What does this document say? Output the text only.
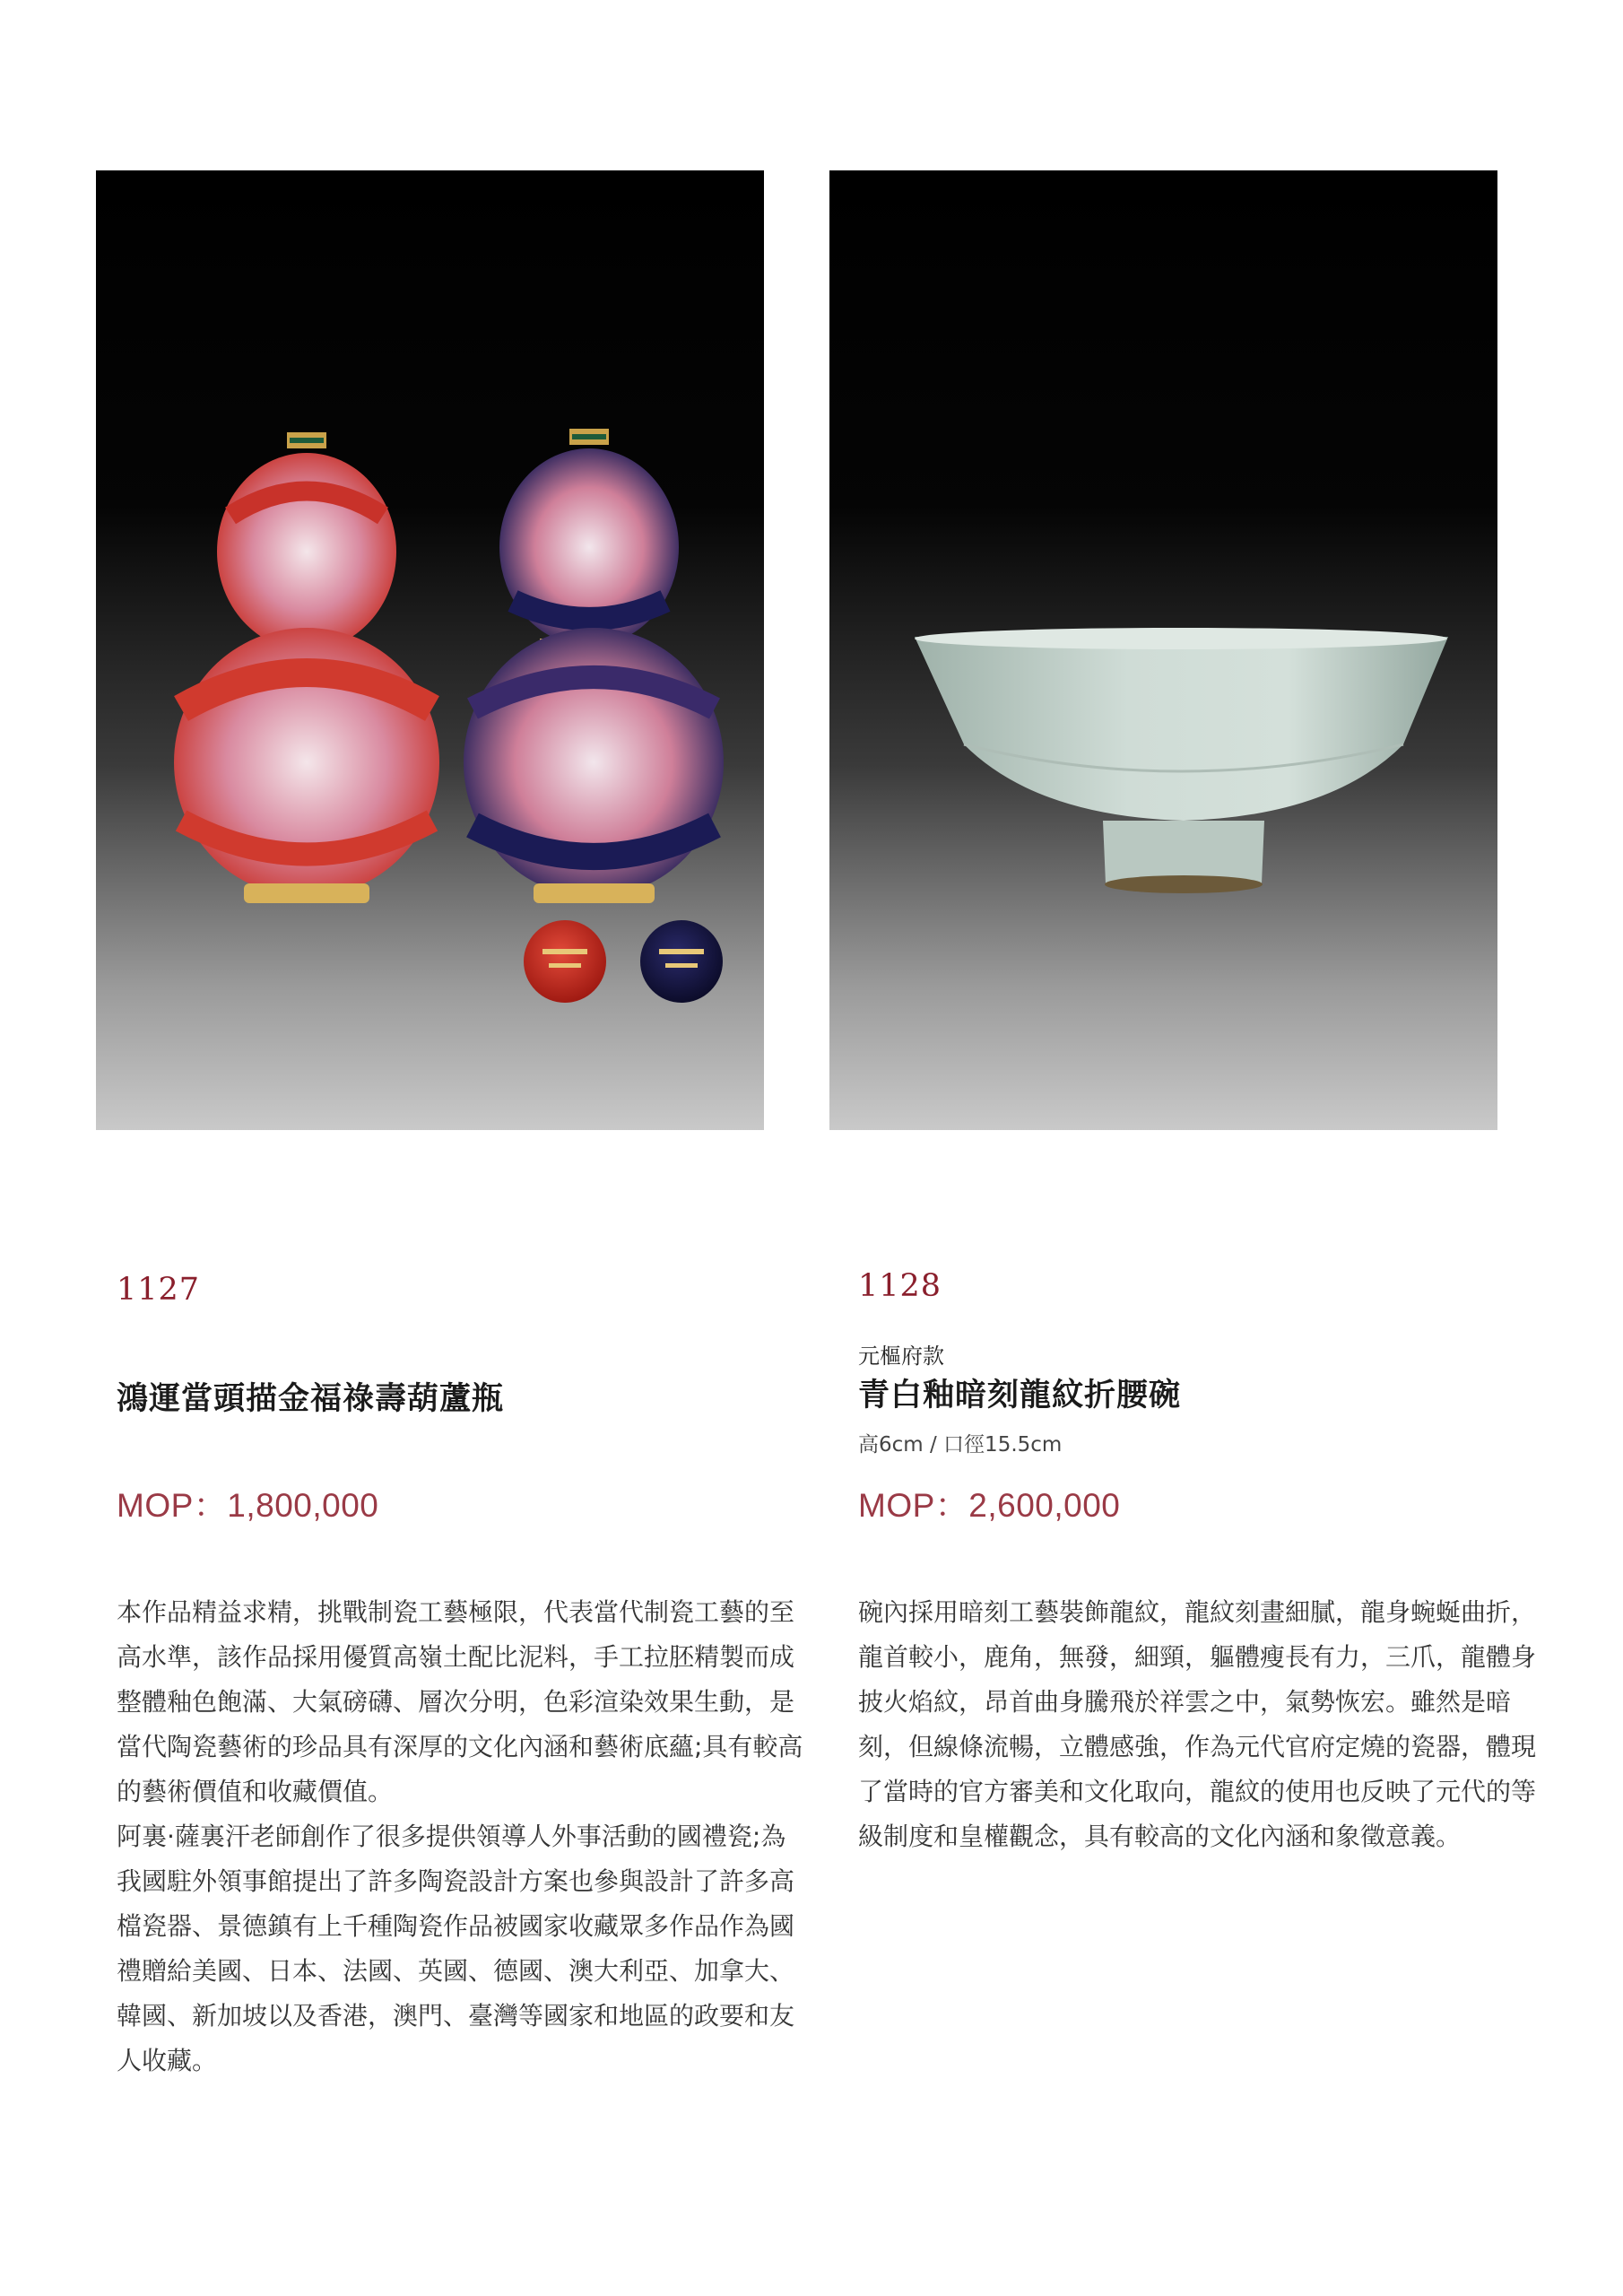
1127
鴻運當頭描金福祿壽葫蘆瓶
MOP：1,800,000

本作品精益求精，挑戰制瓷工藝極限，代表當代制瓷工藝的至高水準，該作品採用優質高嶺土配比泥料，手工拉胚精製而成整體釉色飽滿、大氣磅礴、層次分明，色彩渲染效果生動，是當代陶瓷藝術的珍品具有深厚的文化內涵和藝術底蘊;具有較高的藝術價值和收藏價值。

阿裏·薩裏汗老師創作了很多提供領導人外事活動的國禮瓷;為我國駐外領事館提出了許多陶瓷設計方案也參與設計了許多高檔瓷器、景德鎮有上千種陶瓷作品被國家收藏眾多作品作為國禮贈給美國、日本、法國、英國、德國、澳大利亞、加拿大、韓國、新加坡以及香港，澳門、臺灣等國家和地區的政要和友人收藏。

1128
元樞府款
青白釉暗刻龍紋折腰碗
高6cm / 口徑15.5cm
MOP：2,600,000

碗內採用暗刻工藝裝飾龍紋，龍紋刻畫細膩，龍身蜿蜒曲折，龍首較小，鹿角，無發，細頸，軀體瘦長有力，三爪，龍體身披火焰紋，昂首曲身騰飛於祥雲之中，氣勢恢宏。雖然是暗刻，但線條流暢，立體感強，作為元代官府定燒的瓷器，體現了當時的官方審美和文化取向，龍紋的使用也反映了元代的等級制度和皇權觀念，具有較高的文化內涵和象徵意義。
